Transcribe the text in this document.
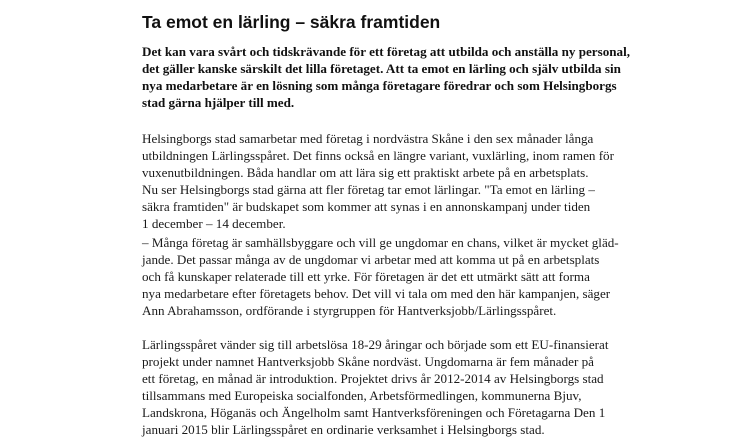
Ta emot en lärling – säkra framtiden

Det kan vara svårt och tidskrävande för ett företag att utbilda och anställa ny personal,
det gäller kanske särskilt det lilla företaget. Att ta emot en lärling och själv utbilda sin
nya medarbetare är en lösning som många företagare föredrar och som Helsingborgs
stad gärna hjälper till med.

Helsingborgs stad samarbetar med företag i nordvästra Skåne i den sex månader långa
utbildningen Lärlingsspåret. Det finns också en längre variant, vuxlärling, inom ramen för
vuxenutbildningen. Båda handlar om att lära sig ett praktiskt arbete på en arbetsplats.
Nu ser Helsingborgs stad gärna att fler företag tar emot lärlingar. "Ta emot en lärling –
säkra framtiden" är budskapet som kommer att synas i en annonskampanj under tiden
1 december – 14 december.

– Många företag är samhällsbyggare och vill ge ungdomar en chans, vilket är mycket gläd-
jande. Det passar många av de ungdomar vi arbetar med att komma ut på en arbetsplats
och få kunskaper relaterade till ett yrke. För företagen är det ett utmärkt sätt att forma
nya medarbetare efter företagets behov. Det vill vi tala om med den här kampanjen, säger
Ann Abrahamsson, ordförande i styrgruppen för Hantverksjobb/Lärlingsspåret.

Lärlingsspåret vänder sig till arbetslösa 18-29 åringar och började som ett EU-finansierat
projekt under namnet Hantverksjobb Skåne nordväst. Ungdomarna är fem månader på
ett företag, en månad är introduktion. Projektet drivs år 2012-2014 av Helsingborgs stad
tillsammans med Europeiska socialfonden, Arbetsförmedlingen, kommunerna Bjuv,
Landskrona, Höganäs och Ängelholm samt Hantverksföreningen och Företagarna Den 1
januari 2015 blir Lärlingsspåret en ordinarie verksamhet i Helsingborgs stad.
